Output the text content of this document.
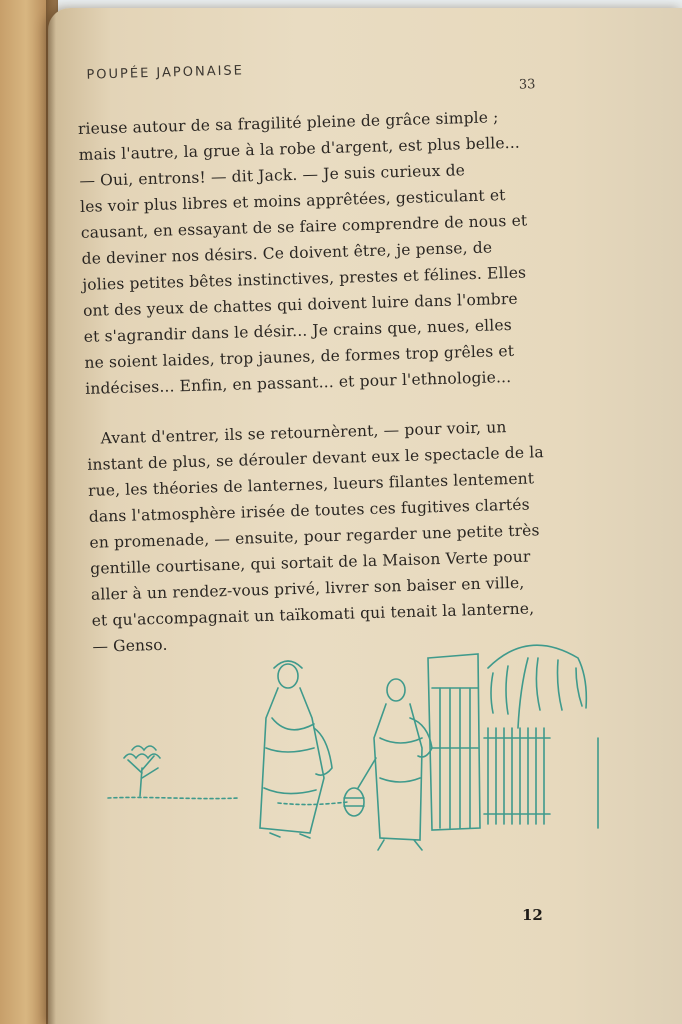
POUPÉE JAPONAISE
33
rieuse autour de sa fragilité pleine de grâce simple ;
mais l'autre, la grue à la robe d'argent, est plus belle...
— Oui, entrons! — dit Jack. — Je suis curieux de
les voir plus libres et moins apprêtées, gesticulant et
causant, en essayant de se faire comprendre de nous et
de deviner nos désirs. Ce doivent être, je pense, de
jolies petites bêtes instinctives, prestes et félines. Elles
ont des yeux de chattes qui doivent luire dans l'ombre
et s'agrandir dans le désir... Je crains que, nues, elles
ne soient laides, trop jaunes, de formes trop grêles et
indécises... Enfin, en passant... et pour l'ethnologie...
Avant d'entrer, ils se retournèrent, — pour voir, un
instant de plus, se dérouler devant eux le spectacle de la
rue, les théories de lanternes, lueurs filantes lentement
dans l'atmosphère irisée de toutes ces fugitives clartés
en promenade, — ensuite, pour regarder une petite très
gentille courtisane, qui sortait de la Maison Verte pour
aller à un rendez-vous privé, livrer son baiser en ville,
et qu'accompagnait un taïkomati qui tenait la lanterne,
— Genso.
12
